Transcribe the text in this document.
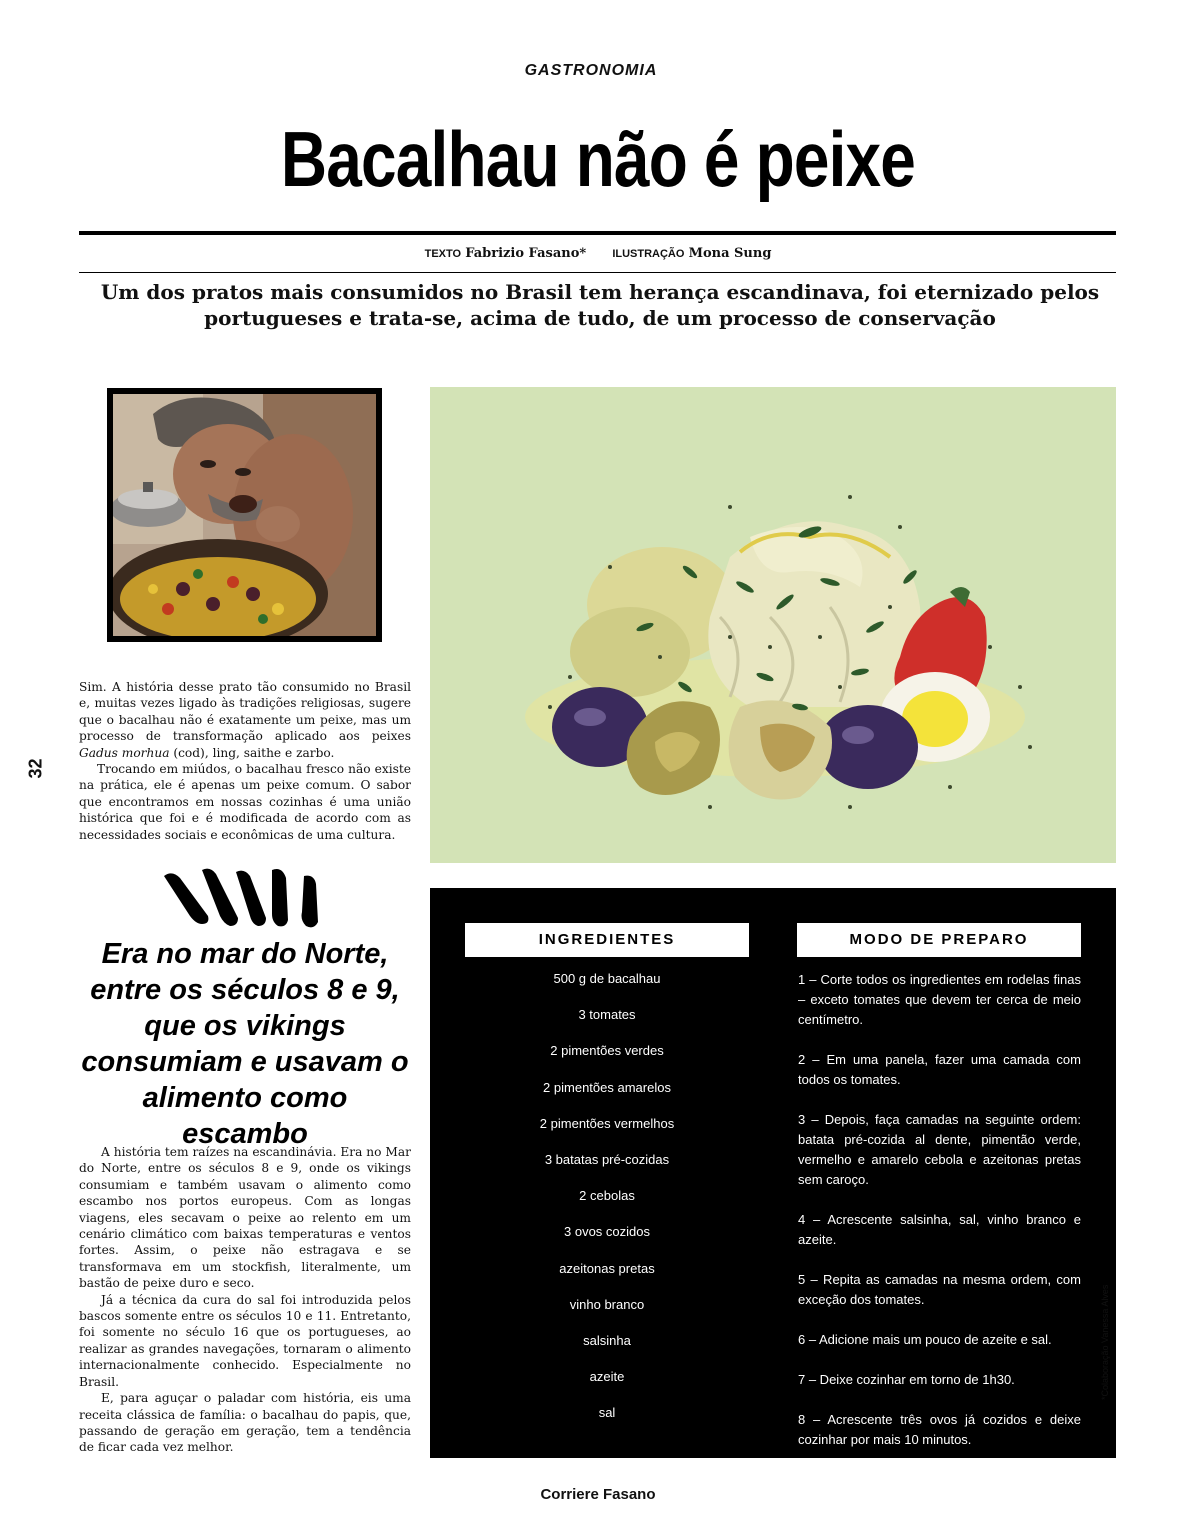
GASTRONOMIA
Bacalhau não é peixe
TEXTO Fabrizio Fasano* ILUSTRAÇÃO Mona Sung
Um dos pratos mais consumidos no Brasil tem herança escandinava, foi eternizado pelos portugueses e trata-se, acima de tudo, de um processo de conservação
32

Sim. A história desse prato tão consumido no Brasil e, muitas vezes ligado às tradições religiosas, sugere que o bacalhau não é exatamente um peixe, mas um processo de transformação aplicado aos peixes Gadus morhua (cod), ling, saithe e zarbo.

Trocando em miúdos, o bacalhau fresco não existe na prática, ele é apenas um peixe comum. O sabor que encontramos em nossas cozinhas é uma união histórica que foi e é modificada de acordo com as necessidades sociais e econômicas de uma cultura.

Era no mar do Norte, entre os séculos 8 e 9, que os vikings consumiam e usavam o alimento como escambo

A história tem raízes na escandinávia. Era no Mar do Norte, entre os séculos 8 e 9, onde os vikings consumiam e também usavam o alimento como escambo nos portos europeus. Com as longas viagens, eles secavam o peixe ao relento em um cenário climático com baixas temperaturas e ventos fortes. Assim, o peixe não estragava e se transformava em um stockfish, literalmente, um bastão de peixe duro e seco.

Já a técnica da cura do sal foi introduzida pelos bascos somente entre os séculos 10 e 11. Entretanto, foi somente no século 16 que os portugueses, ao realizar as grandes navegações, tornaram o alimento internacionalmente conhecido. Especialmente no Brasil.

E, para aguçar o paladar com história, eis uma receita clássica de família: o bacalhau do papis, que, passando de geração em geração, tem a tendência de ficar cada vez melhor.

INGREDIENTES	MODO DE PREPARO
500 g de bacalhau
3 tomates
2 pimentões verdes
2 pimentões amarelos
2 pimentões vermelhos
3 batatas pré-cozidas
2 cebolas
3 ovos cozidos
azeitonas pretas
vinho branco
salsinha
azeite
sal
1 – Corte todos os ingredientes em rodelas finas – exceto tomates que devem ter cerca de meio centímetro.
2 – Em uma panela, fazer uma camada com todos os tomates.
3 – Depois, faça camadas na seguinte ordem: batata pré-cozida al dente, pimentão verde, vermelho e amarelo cebola e azeitonas pretas sem caroço.
4 – Acrescente salsinha, sal, vinho branco e azeite.
5 – Repita as camadas na mesma ordem, com exceção dos tomates.
6 – Adicione mais um pouco de azeite e sal.
7 – Deixe cozinhar em torno de 1h30.
8 – Acrescente três ovos já cozidos e deixe cozinhar por mais 10 minutos.
*Colaboração Vanessa Alves
Corriere Fasano
